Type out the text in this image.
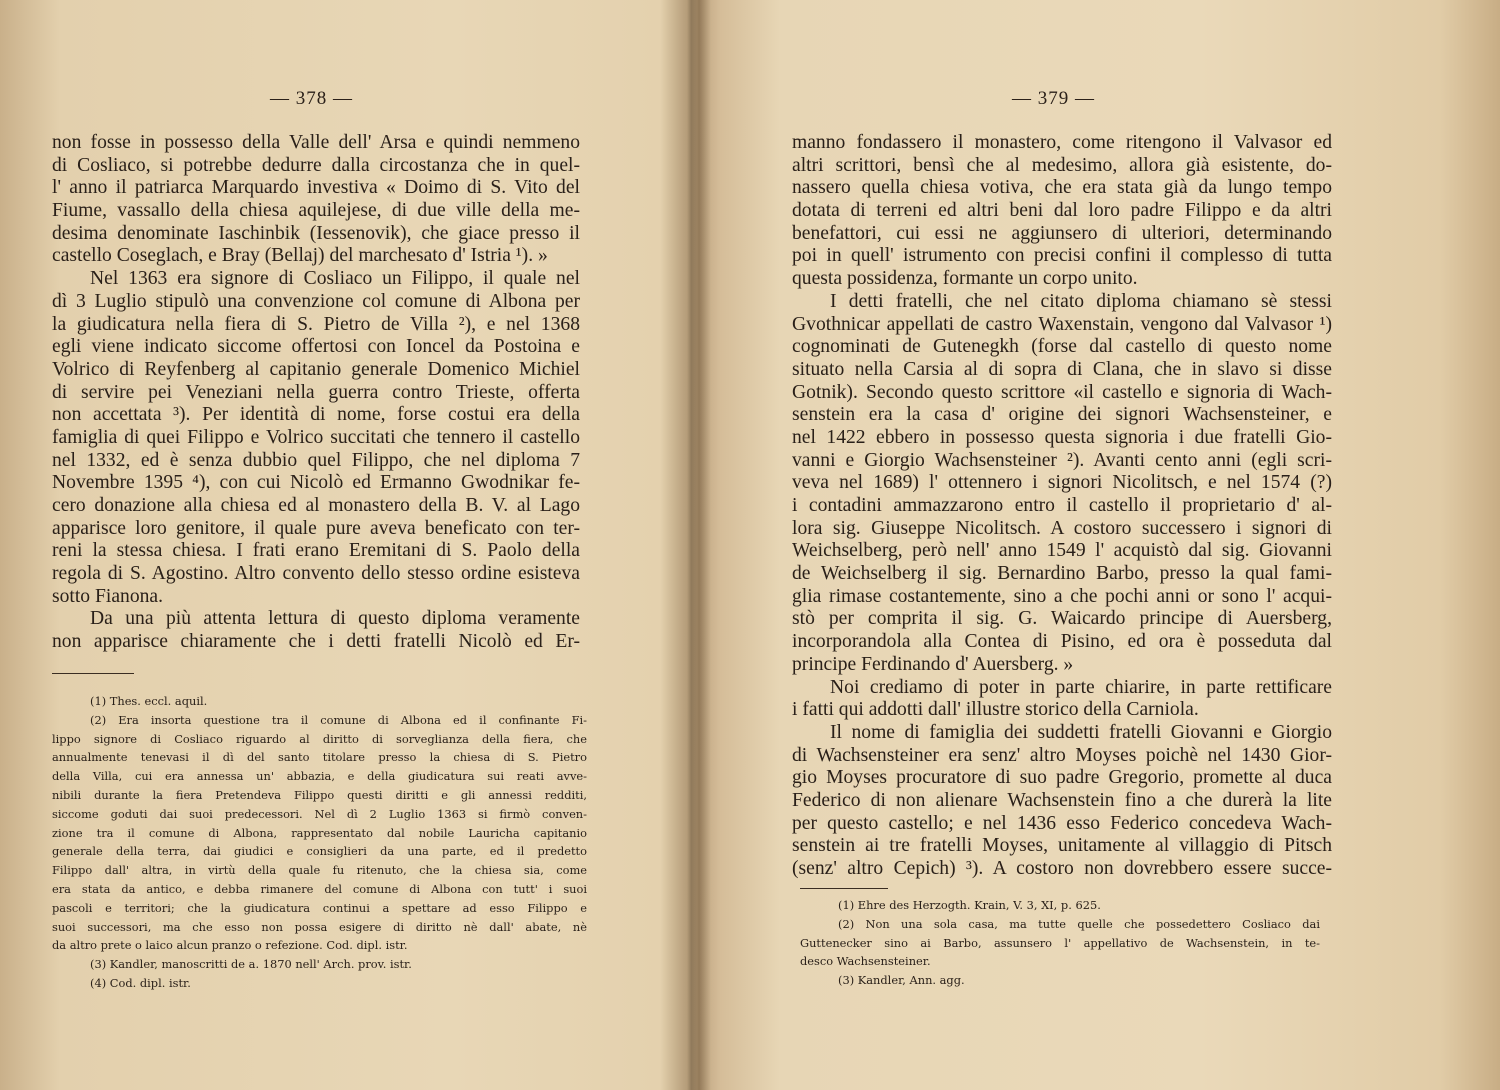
— 378 —
non fosse in possesso della Valle dell' Arsa e quindi nemmeno
di Cosliaco, si potrebbe dedurre dalla circostanza che in quel-
l' anno il patriarca Marquardo investiva « Doimo di S. Vito del
Fiume, vassallo della chiesa aquilejese, di due ville della me-
desima denominate Iaschinbik (Iessenovik), che giace presso il
castello Coseglach, e Bray (Bellaj) del marchesato d' Istria ¹). »
Nel 1363 era signore di Cosliaco un Filippo, il quale nel
dì 3 Luglio stipulò una convenzione col comune di Albona per
la giudicatura nella fiera di S. Pietro de Villa ²), e nel 1368
egli viene indicato siccome offertosi con Ioncel da Postoina e
Volrico di Reyfenberg al capitanio generale Domenico Michiel
di servire pei Veneziani nella guerra contro Trieste, offerta
non accettata ³). Per identità di nome, forse costui era della
famiglia di quei Filippo e Volrico succitati che tennero il castello
nel 1332, ed è senza dubbio quel Filippo, che nel diploma 7
Novembre 1395 ⁴), con cui Nicolò ed Ermanno Gwodnikar fe-
cero donazione alla chiesa ed al monastero della B. V. al Lago
apparisce loro genitore, il quale pure aveva beneficato con ter-
reni la stessa chiesa. I frati erano Eremitani di S. Paolo della
regola di S. Agostino. Altro convento dello stesso ordine esisteva
sotto Fianona.
Da una più attenta lettura di questo diploma veramente
non apparisce chiaramente che i detti fratelli Nicolò ed Er-
(1) Thes. eccl. aquil.
(2) Era insorta questione tra il comune di Albona ed il confinante Fi-
lippo signore di Cosliaco riguardo al diritto di sorveglianza della fiera, che
annualmente tenevasi il dì del santo titolare presso la chiesa di S. Pietro
della Villa, cui era annessa un' abbazia, e della giudicatura sui reati avve-
nibili durante la fiera Pretendeva Filippo questi diritti e gli annessi redditi,
siccome goduti dai suoi predecessori. Nel dì 2 Luglio 1363 si firmò conven-
zione tra il comune di Albona, rappresentato dal nobile Lauricha capitanio
generale della terra, dai giudici e consiglieri da una parte, ed il predetto
Filippo dall' altra, in virtù della quale fu ritenuto, che la chiesa sia, come
era stata da antico, e debba rimanere del comune di Albona con tutt' i suoi
pascoli e territori; che la giudicatura continui a spettare ad esso Filippo e
suoi successori, ma che esso non possa esigere di diritto nè dall' abate, nè
da altro prete o laico alcun pranzo o refezione. Cod. dipl. istr.
(3) Kandler, manoscritti de a. 1870 nell' Arch. prov. istr.
(4) Cod. dipl. istr.
— 379 —
manno fondassero il monastero, come ritengono il Valvasor ed
altri scrittori, bensì che al medesimo, allora già esistente, do-
nassero quella chiesa votiva, che era stata già da lungo tempo
dotata di terreni ed altri beni dal loro padre Filippo e da altri
benefattori, cui essi ne aggiunsero di ulteriori, determinando
poi in quell' istrumento con precisi confini il complesso di tutta
questa possidenza, formante un corpo unito.
I detti fratelli, che nel citato diploma chiamano sè stessi
Gvothnicar appellati de castro Waxenstain, vengono dal Valvasor ¹)
cognominati de Gutenegkh (forse dal castello di questo nome
situato nella Carsia al di sopra di Clana, che in slavo si disse
Gotnik). Secondo questo scrittore «il castello e signoria di Wach-
senstein era la casa d' origine dei signori Wachsensteiner, e
nel 1422 ebbero in possesso questa signoria i due fratelli Gio-
vanni e Giorgio Wachsensteiner ²). Avanti cento anni (egli scri-
veva nel 1689) l' ottennero i signori Nicolitsch, e nel 1574 (?)
i contadini ammazzarono entro il castello il proprietario d' al-
lora sig. Giuseppe Nicolitsch. A costoro successero i signori di
Weichselberg, però nell' anno 1549 l' acquistò dal sig. Giovanni
de Weichselberg il sig. Bernardino Barbo, presso la qual fami-
glia rimase costantemente, sino a che pochi anni or sono l' acqui-
stò per comprita il sig. G. Waicardo principe di Auersberg,
incorporandola alla Contea di Pisino, ed ora è posseduta dal
principe Ferdinando d' Auersberg. »
Noi crediamo di poter in parte chiarire, in parte rettificare
i fatti qui addotti dall' illustre storico della Carniola.
Il nome di famiglia dei suddetti fratelli Giovanni e Giorgio
di Wachsensteiner era senz' altro Moyses poichè nel 1430 Gior-
gio Moyses procuratore di suo padre Gregorio, promette al duca
Federico di non alienare Wachsenstein fino a che durerà la lite
per questo castello; e nel 1436 esso Federico concedeva Wach-
senstein ai tre fratelli Moyses, unitamente al villaggio di Pitsch
(senz' altro Cepich) ³). A costoro non dovrebbero essere succe-
(1) Ehre des Herzogth. Krain, V. 3, XI, p. 625.
(2) Non una sola casa, ma tutte quelle che possedettero Cosliaco dai
Guttenecker sino ai Barbo, assunsero l' appellativo de Wachsenstein, in te-
desco Wachsensteiner.
(3) Kandler, Ann. agg.
